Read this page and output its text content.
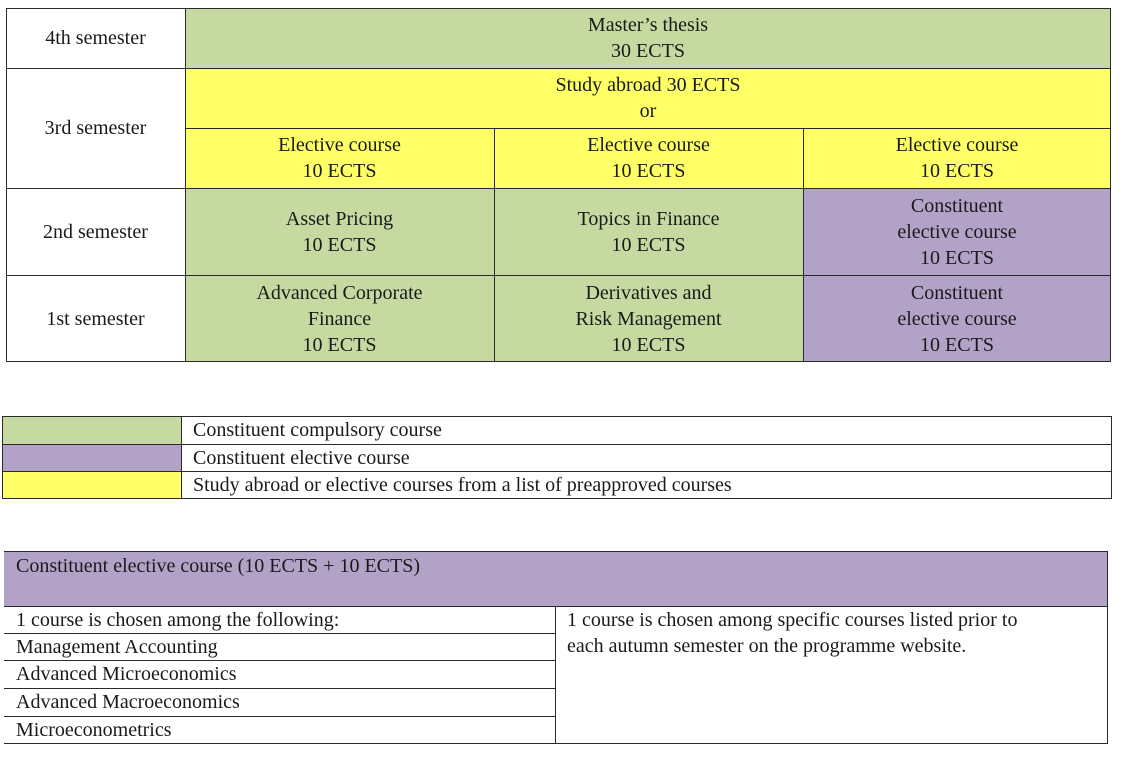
4th semester
3rd semester
2nd semester
1st semester
Master’s thesis
30 ECTS
Study abroad 30 ECTS
or
Elective course
10 ECTS
Elective course
10 ECTS
Elective course
10 ECTS
Asset Pricing
10 ECTS
Topics in Finance
10 ECTS
Constituent
elective course
10 ECTS
Advanced Corporate
Finance
10 ECTS
Derivatives and
Risk Management
10 ECTS
Constituent
elective course
10 ECTS
Constituent compulsory course
Constituent elective course
Study abroad or elective courses from a list of preapproved courses
Constituent elective course (10 ECTS + 10 ECTS)
1 course is chosen among the following:
Management Accounting
Advanced Microeconomics
Advanced Macroeconomics
Microeconometrics
1 course is chosen among specific courses listed prior to
each autumn semester on the programme website.
